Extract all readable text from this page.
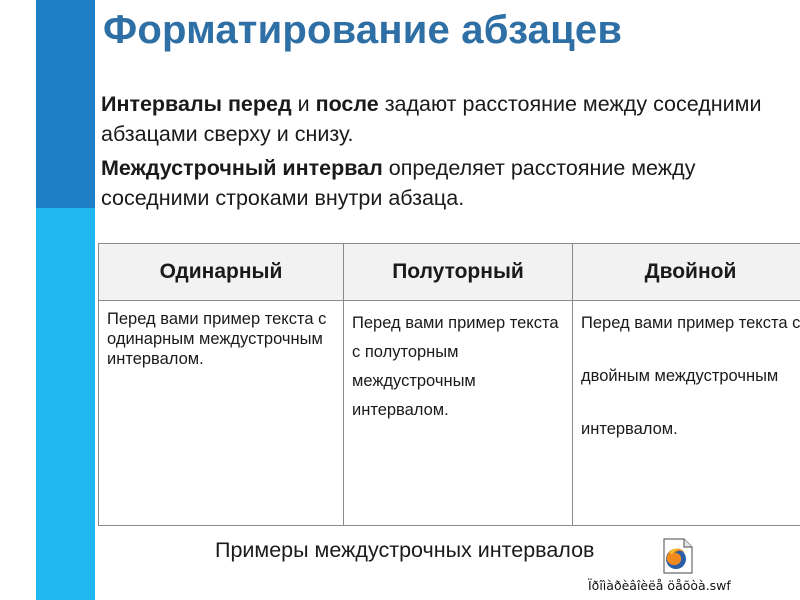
Форматирование абзацев

Интервалы перед и после задают расстояние между соседними абзацами сверху и снизу.

Междустрочный интервал определяет расстояние между соседними строками внутри абзаца.

Одинарный	Полуторный	Двойной

Перед вами пример текста с одинарным междустрочным интервалом.	Перед вами пример текста с полуторным междустрочным интервалом.	Перед вами пример текста с двойным междустрочным интервалом.

Примеры междустрочных интервалов

Ïðîìàðèâîèëå öåõòà.swf
